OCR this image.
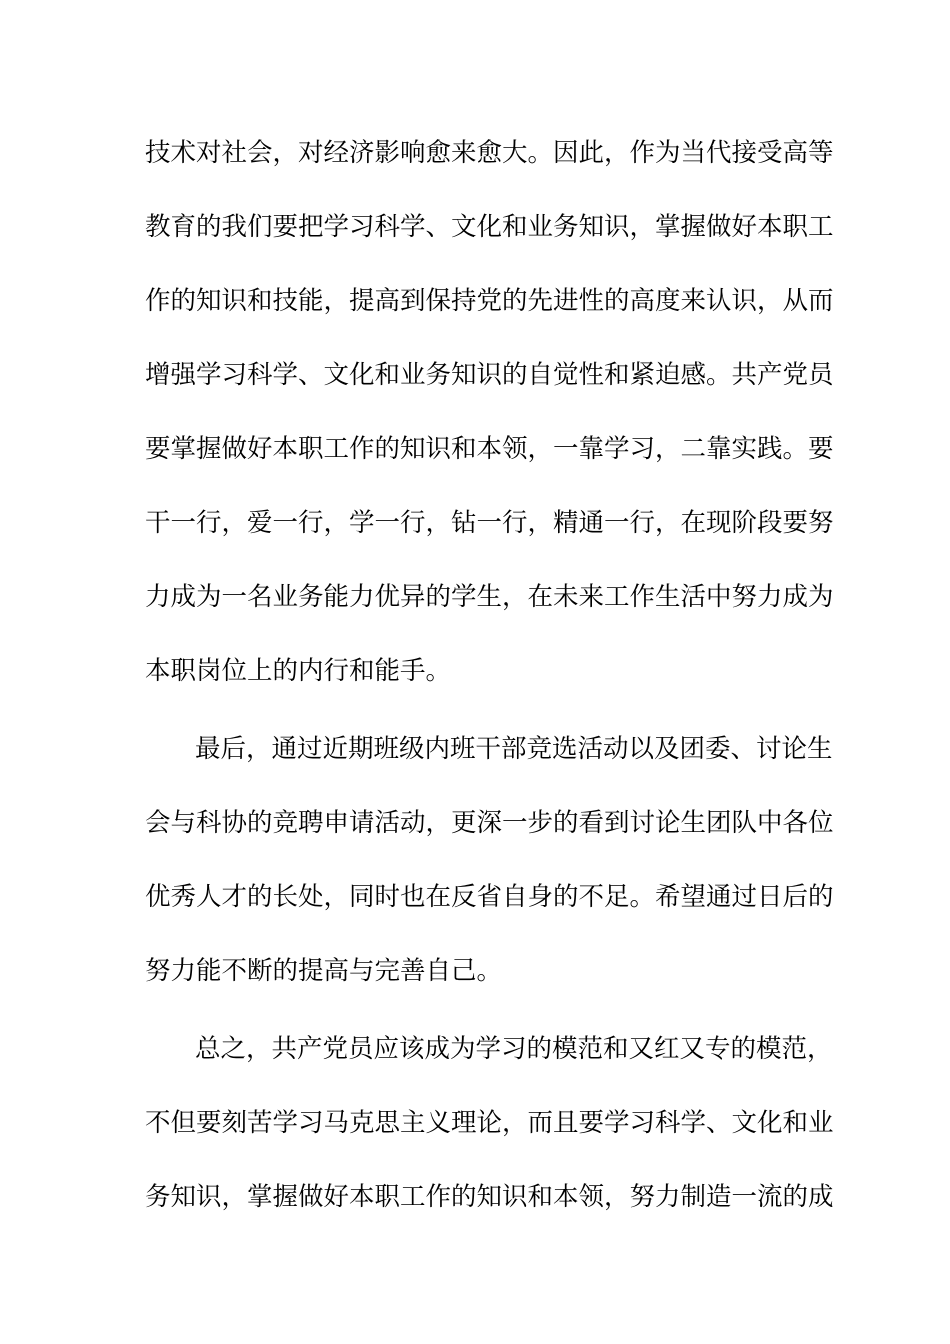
技术对社会，对经济影响愈来愈大。因此，作为当代接受高等
教育的我们要把学习科学、文化和业务知识，掌握做好本职工
作的知识和技能，提高到保持党的先进性的高度来认识，从而
增强学习科学、文化和业务知识的自觉性和紧迫感。共产党员
要掌握做好本职工作的知识和本领，一靠学习，二靠实践。要
干一行，爱一行，学一行，钻一行，精通一行，在现阶段要努
力成为一名业务能力优异的学生，在未来工作生活中努力成为
本职岗位上的内行和能手。
最后，通过近期班级内班干部竞选活动以及团委、讨论生
会与科协的竞聘申请活动，更深一步的看到讨论生团队中各位
优秀人才的长处，同时也在反省自身的不足。希望通过日后的
努力能不断的提高与完善自己。
总之，共产党员应该成为学习的模范和又红又专的模范，
不但要刻苦学习马克思主义理论，而且要学习科学、文化和业
务知识，掌握做好本职工作的知识和本领，努力制造一流的成
